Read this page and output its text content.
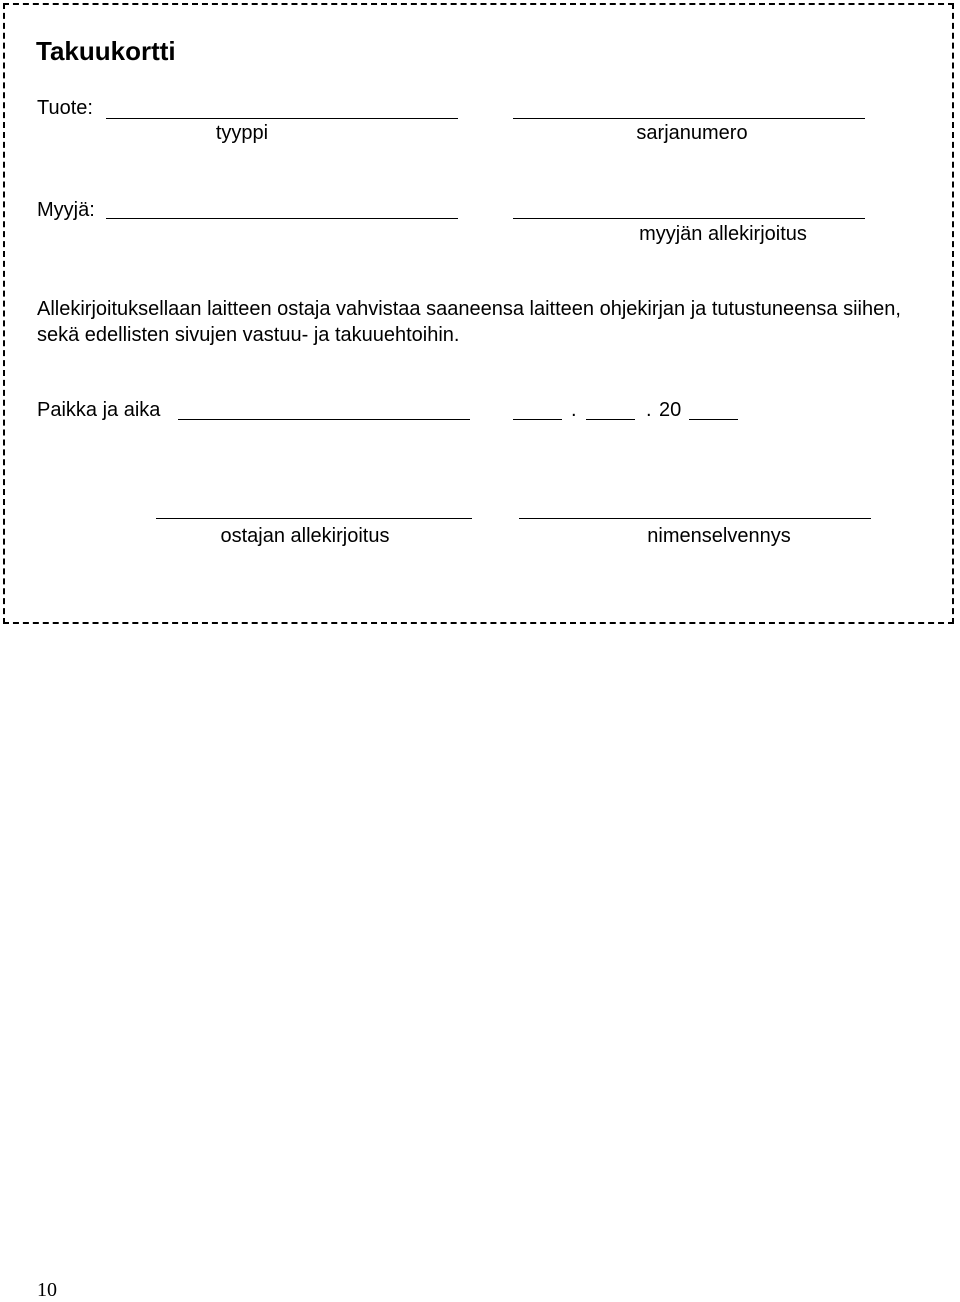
Takuukortti
Tuote:
tyyppi	sarjanumero
Myyjä:
myyjän allekirjoitus
Allekirjoituksellaan laitteen ostaja vahvistaa saaneensa laitteen ohjekirjan ja tutustuneensa siihen, sekä edellisten sivujen vastuu- ja takuuehtoihin.
Paikka ja aika	.	. 20
ostajan allekirjoitus	nimenselvennys
10
